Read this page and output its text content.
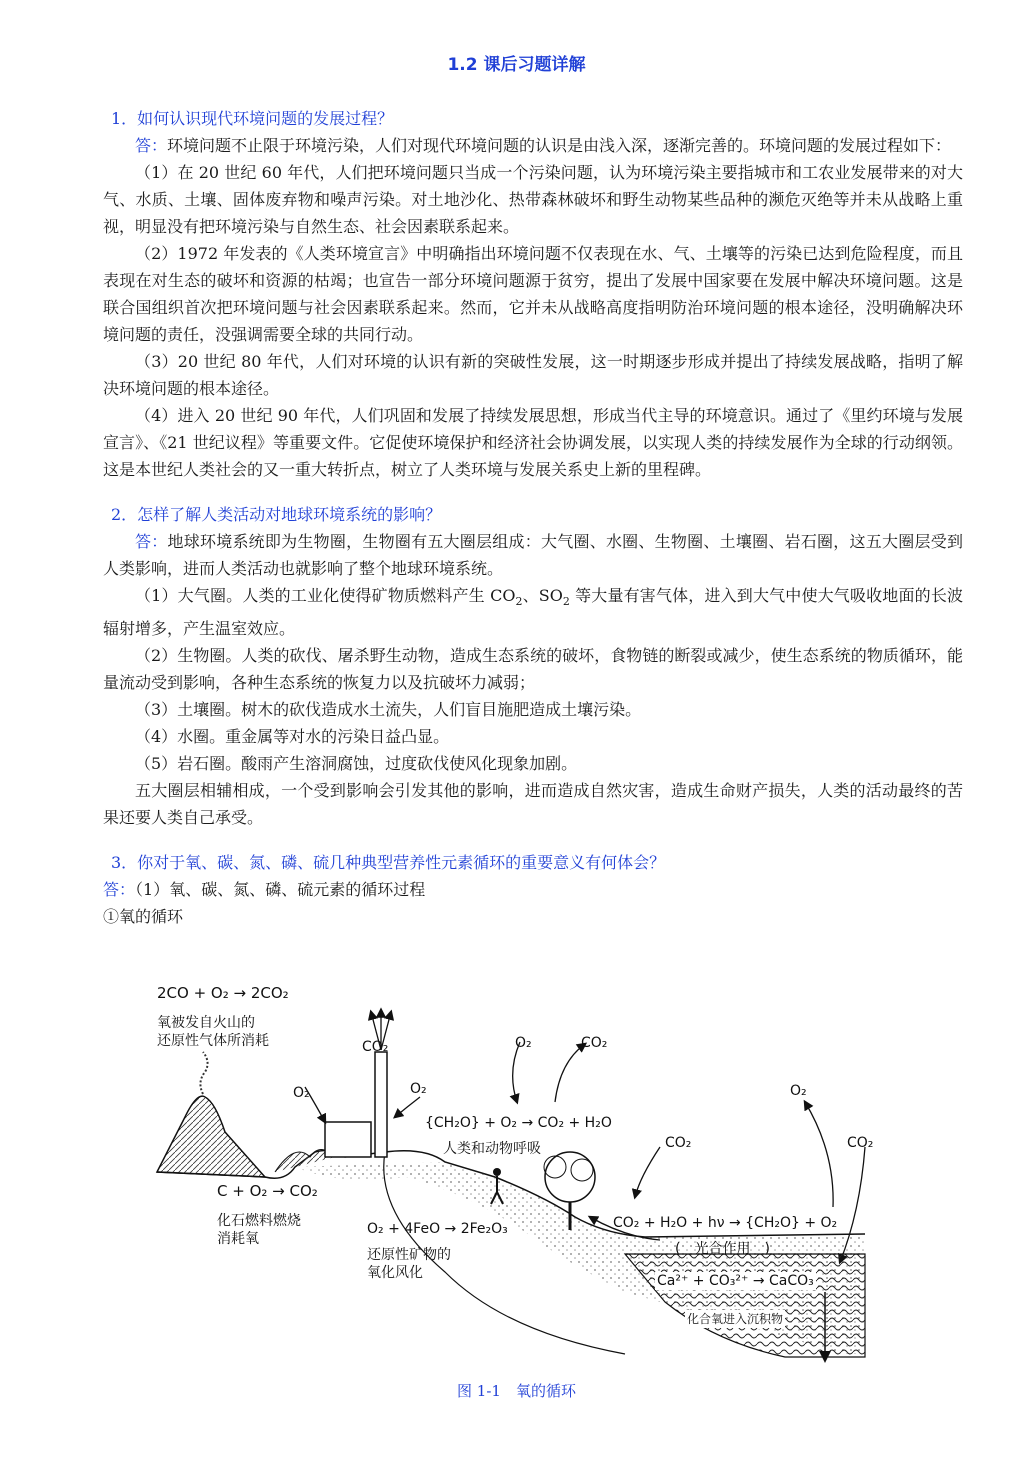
1.2 课后习题详解
1．如何认识现代环境问题的发展过程？
答：环境问题不止限于环境污染，人们对现代环境问题的认识是由浅入深，逐渐完善的。环境问题的发展过程如下：
（1）在 20 世纪 60 年代，人们把环境问题只当成一个污染问题，认为环境污染主要指城市和工农业发展带来的对大气、水质、土壤、固体废弃物和噪声污染。对土地沙化、热带森林破坏和野生动物某些品种的濒危灭绝等并未从战略上重视，明显没有把环境污染与自然生态、社会因素联系起来。
（2）1972 年发表的《人类环境宣言》中明确指出环境问题不仅表现在水、气、土壤等的污染已达到危险程度，而且表现在对生态的破坏和资源的枯竭；也宣告一部分环境问题源于贫穷，提出了发展中国家要在发展中解决环境问题。这是联合国组织首次把环境问题与社会因素联系起来。然而，它并未从战略高度指明防治环境问题的根本途径，没明确解决环境问题的责任，没强调需要全球的共同行动。
（3）20 世纪 80 年代，人们对环境的认识有新的突破性发展，这一时期逐步形成并提出了持续发展战略，指明了解决环境问题的根本途径。
（4）进入 20 世纪 90 年代，人们巩固和发展了持续发展思想，形成当代主导的环境意识。通过了《里约环境与发展宣言》、《21 世纪议程》等重要文件。它促使环境保护和经济社会协调发展，以实现人类的持续发展作为全球的行动纲领。这是本世纪人类社会的又一重大转折点，树立了人类环境与发展关系史上新的里程碑。
2．怎样了解人类活动对地球环境系统的影响？
答：地球环境系统即为生物圈，生物圈有五大圈层组成：大气圈、水圈、生物圈、土壤圈、岩石圈，这五大圈层受到人类影响，进而人类活动也就影响了整个地球环境系统。
（1）大气圈。人类的工业化使得矿物质燃料产生 $CO_2$、$SO_2$ 等大量有害气体，进入到大气中使大气吸收地面的长波辐射增多，产生温室效应。
（2）生物圈。人类的砍伐、屠杀野生动物，造成生态系统的破坏，食物链的断裂或减少，使生态系统的物质循环，能量流动受到影响，各种生态系统的恢复力以及抗破坏力减弱；
（3）土壤圈。树木的砍伐造成水土流失，人们盲目施肥造成土壤污染。
（4）水圈。重金属等对水的污染日益凸显。
（5）岩石圈。酸雨产生溶洞腐蚀，过度砍伐使风化现象加剧。
五大圈层相辅相成，一个受到影响会引发其他的影响，进而造成自然灾害，造成生命财产损失，人类的活动最终的苦果还要人类自己承受。
3．你对于氧、碳、氮、磷、硫几种典型营养性元素循环的重要意义有何体会？
答：（1）氧、碳、氮、磷、硫元素的循环过程
①氧的循环
2CO + O₂ → 2CO₂
氧被发自火山的
还原性气体所消耗	CO₂
O₂	O₂
O₂	CO₂
{CH₂O} + O₂ → CO₂ + H₂O
人类和动物呼吸
C + O₂ → CO₂
化石燃料燃烧
消耗氧
O₂ + 4FeO → 2Fe₂O₃
还原性矿物的
氧化风化
CO₂
O₂
CO₂
CO₂ + H₂O + hν → {CH₂O} + O₂
(　光合作用　)
Ca²⁺ + CO₃²⁺ → CaCO₃
化合氧进入沉积物
图 1-1　氧的循环
